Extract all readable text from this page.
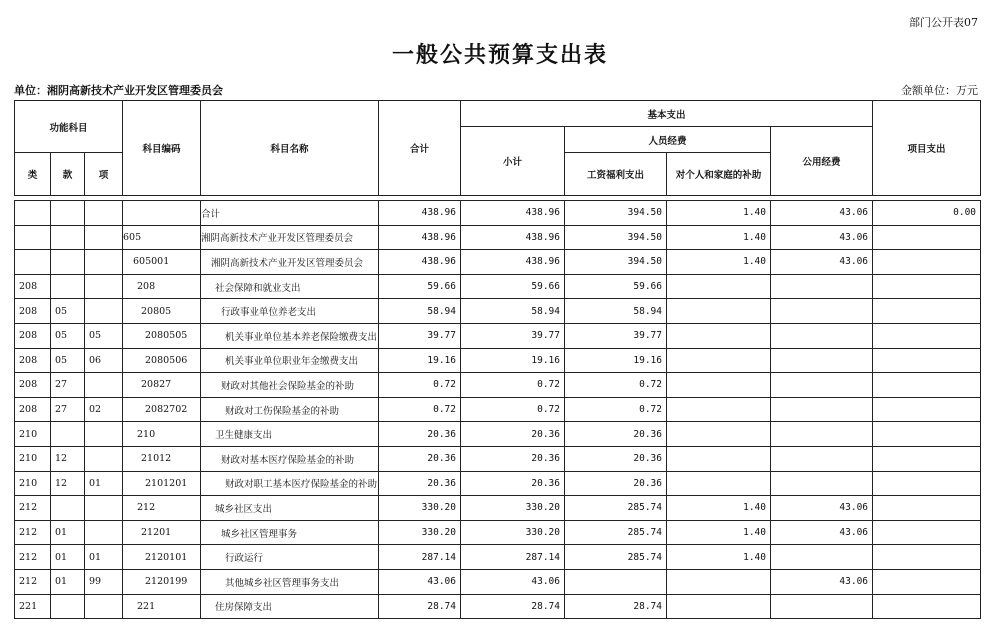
部门公开表07
一般公共预算支出表
单位：湘阴高新技术产业开发区管理委员会	金额单位：万元
功能科目			科目编码	科目名称	合计	基本支出				项目支出
						小计	人员经费		公用经费	
类	款	项					工资福利支出	对个人和家庭的补助		

				合计	438.96	438.96	394.50	1.40	43.06	0.00
			605	湘阴高新技术产业开发区管理委员会	438.96	438.96	394.50	1.40	43.06	
			605001	湘阴高新技术产业开发区管理委员会	438.96	438.96	394.50	1.40	43.06	
208			208	社会保障和就业支出	59.66	59.66	59.66			
208	05		20805	行政事业单位养老支出	58.94	58.94	58.94			
208	05	05	2080505	机关事业单位基本养老保险缴费支出	39.77	39.77	39.77			
208	05	06	2080506	机关事业单位职业年金缴费支出	19.16	19.16	19.16			
208	27		20827	财政对其他社会保险基金的补助	0.72	0.72	0.72			
208	27	02	2082702	财政对工伤保险基金的补助	0.72	0.72	0.72			
210			210	卫生健康支出	20.36	20.36	20.36			
210	12		21012	财政对基本医疗保险基金的补助	20.36	20.36	20.36			
210	12	01	2101201	财政对职工基本医疗保险基金的补助	20.36	20.36	20.36			
212			212	城乡社区支出	330.20	330.20	285.74	1.40	43.06	
212	01		21201	城乡社区管理事务	330.20	330.20	285.74	1.40	43.06	
212	01	01	2120101	行政运行	287.14	287.14	285.74	1.40		
212	01	99	2120199	其他城乡社区管理事务支出	43.06	43.06			43.06	
221			221	住房保障支出	28.74	28.74	28.74			
